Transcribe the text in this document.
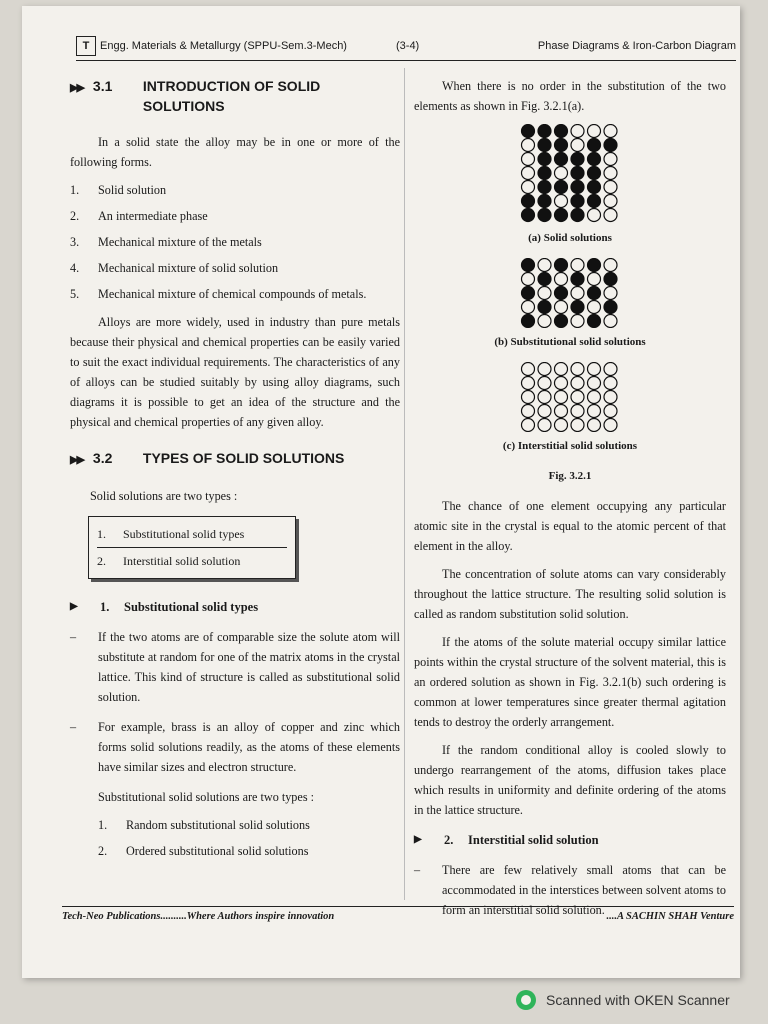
T Engg. Materials & Metallurgy (SPPU-Sem.3-Mech)	(3-4)	Phase Diagrams & Iron-Carbon Diagram
▶▶ 3.1	INTRODUCTION OF SOLID SOLUTIONS

In a solid state the alloy may be in one or more of the following forms.

1.	Solid solution
2.	An intermediate phase
3.	Mechanical mixture of the metals
4.	Mechanical mixture of solid solution
5.	Mechanical mixture of chemical compounds of metals.

Alloys are more widely, used in industry than pure metals because their physical and chemical properties can be easily varied to suit the exact individual requirements. The characteristics of any of alloys can be studied suitably by using alloy diagrams, such diagrams it is possible to get an idea of the structure and the physical and chemical properties of any given alloy.

▶▶ 3.2	TYPES OF SOLID SOLUTIONS

Solid solutions are two types :

1.	Substitutional solid types
2.	Interstitial solid solution
▶	1.	Substitutional solid types
–	If the two atoms are of comparable size the solute atom will substitute at random for one of the matrix atoms in the crystal lattice. This kind of structure is called as substitutional solid solution.

–	For example, brass is an alloy of copper and zinc which forms solid solutions readily, as the atoms of these elements have similar sizes and electron structure.

Substitutional solid solutions are two types :

1.	Random substitutional solid solutions
2.	Ordered substitutional solid solutions

When there is no order in the substitution of the two elements as shown in Fig. 3.2.1(a).

(a) Solid solutions
(b) Substitutional solid solutions
(c) Interstitial solid solutions
Fig. 3.2.1

The chance of one element occupying any particular atomic site in the crystal is equal to the atomic percent of that element in the alloy.

The concentration of solute atoms can vary considerably throughout the lattice structure. The resulting solid solution is called as random substitution solid solution.

If the atoms of the solute material occupy similar lattice points within the crystal structure of the solvent material, this is an ordered solution as shown in Fig. 3.2.1(b) such ordering is common at lower temperatures since greater thermal agitation tends to destroy the orderly arrangement.

If the random conditional alloy is cooled slowly to undergo rearrangement of the atoms, diffusion takes place which results in uniformity and definite ordering of the atoms in the lattice structure.

▶	2.	Interstitial solid solution
–	There are few relatively small atoms that can be accommodated in the interstices between solvent atoms to form an interstitial solid solution.

Tech-Neo Publications..........Where Authors inspire innovation	....A SACHIN SHAH Venture
Scanned with OKEN Scanner
